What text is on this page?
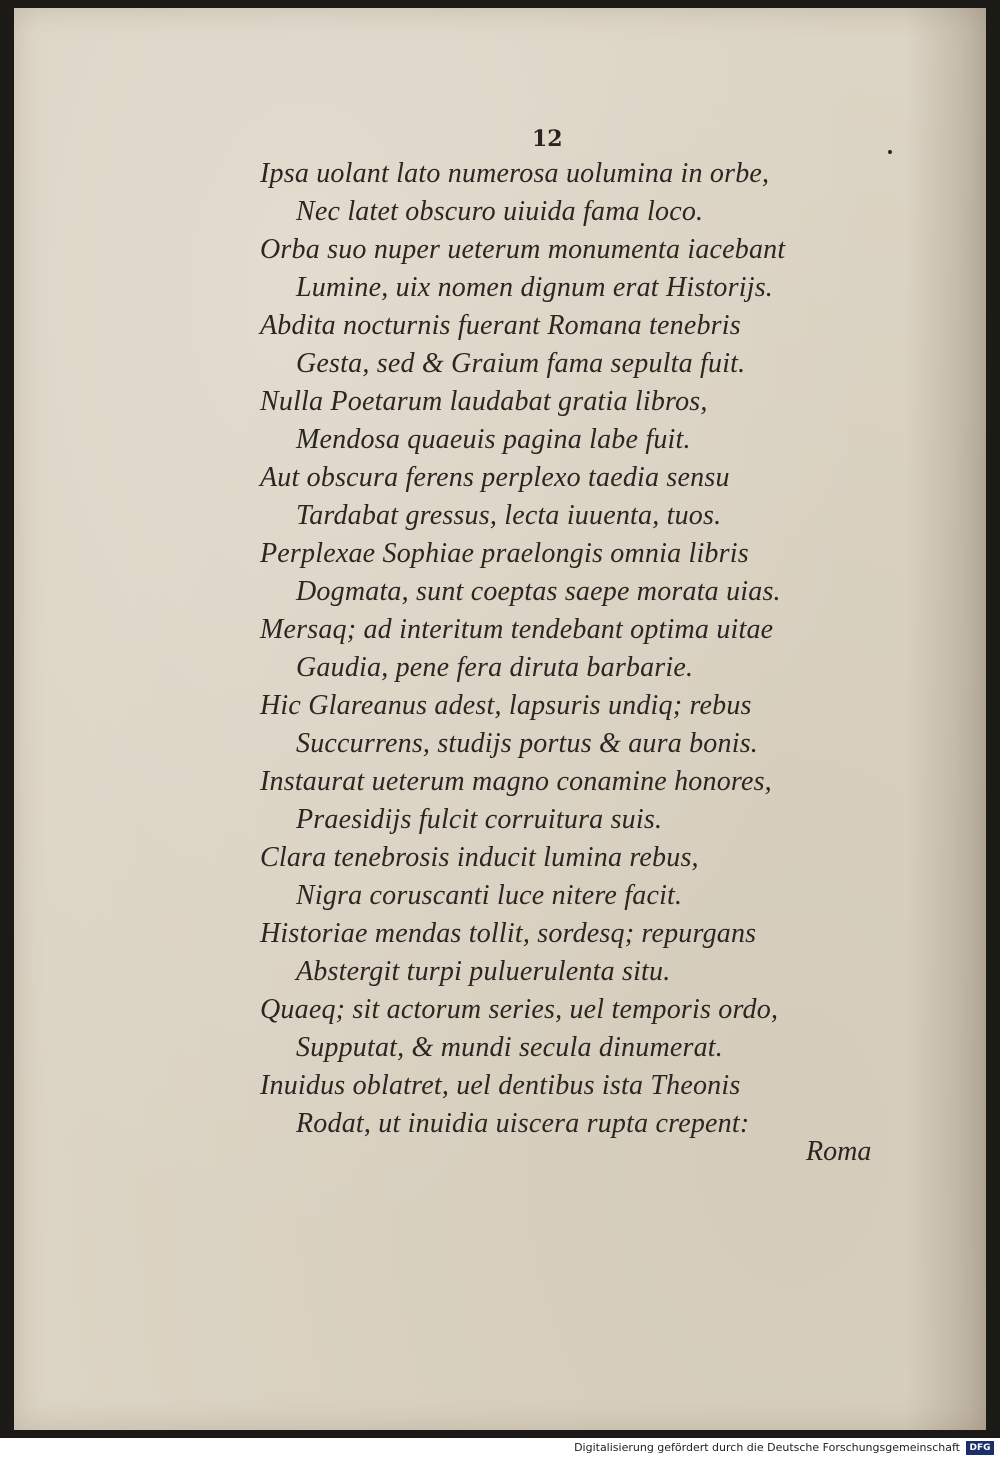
12
Ipsa uolant lato numerosa uolumina in orbe,
Nec latet obscuro uiuida fama loco.
Orba suo nuper ueterum monumenta iacebant
Lumine, uix nomen dignum erat Historijs.
Abdita nocturnis fuerant Romana tenebris
Gesta, sed & Graium fama sepulta fuit.
Nulla Poetarum laudabat gratia libros,
Mendosa quaeuis pagina labe fuit.
Aut obscura ferens perplexo taedia sensu
Tardabat gressus, lecta iuuenta, tuos.
Perplexae Sophiae praelongis omnia libris
Dogmata, sunt coeptas saepe morata uias.
Mersaq; ad interitum tendebant optima uitae
Gaudia, pene fera diruta barbarie.
Hic Glareanus adest, lapsuris undiq; rebus
Succurrens, studijs portus & aura bonis.
Instaurat ueterum magno conamine honores,
Praesidijs fulcit corruitura suis.
Clara tenebrosis inducit lumina rebus,
Nigra coruscanti luce nitere facit.
Historiae mendas tollit, sordesq; repurgans
Abstergit turpi puluerulenta situ.
Quaeq; sit actorum series, uel temporis ordo,
Supputat, & mundi secula dinumerat.
Inuidus oblatret, uel dentibus ista Theonis
Rodat, ut inuidia uiscera rupta crepent:
Roma
Digitalisierung gefördert durch die Deutsche Forschungsgemeinschaft	DFG
